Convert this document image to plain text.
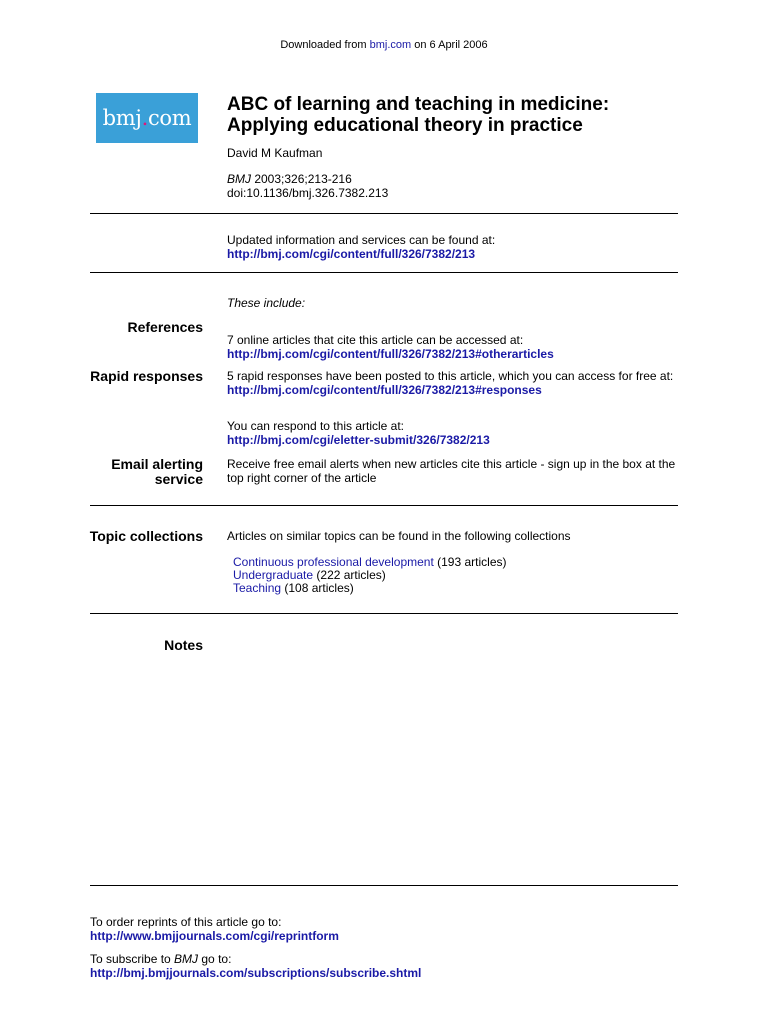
Downloaded from bmj.com on 6 April 2006
bmj . com
ABC of learning and teaching in medicine:
Applying educational theory in practice
David M Kaufman
BMJ 2003;326;213-216
doi:10.1136/bmj.326.7382.213
Updated information and services can be found at:
http://bmj.com/cgi/content/full/326/7382/213
These include:
References
7 online articles that cite this article can be accessed at:
http://bmj.com/cgi/content/full/326/7382/213#otherarticles
Rapid responses 5 rapid responses have been posted to this article, which you can access for free at:
http://bmj.com/cgi/content/full/326/7382/213#responses
You can respond to this article at:
http://bmj.com/cgi/eletter-submit/326/7382/213
Email alerting
service
Receive free email alerts when new articles cite this article - sign up in the box at the top right corner of the article
Topic collections Articles on similar topics can be found in the following collections
Continuous professional development (193 articles)
Undergraduate (222 articles)
Teaching (108 articles)
Notes
To order reprints of this article go to:
http://www.bmjjournals.com/cgi/reprintform
To subscribe to BMJ go to:
http://bmj.bmjjournals.com/subscriptions/subscribe.shtml
